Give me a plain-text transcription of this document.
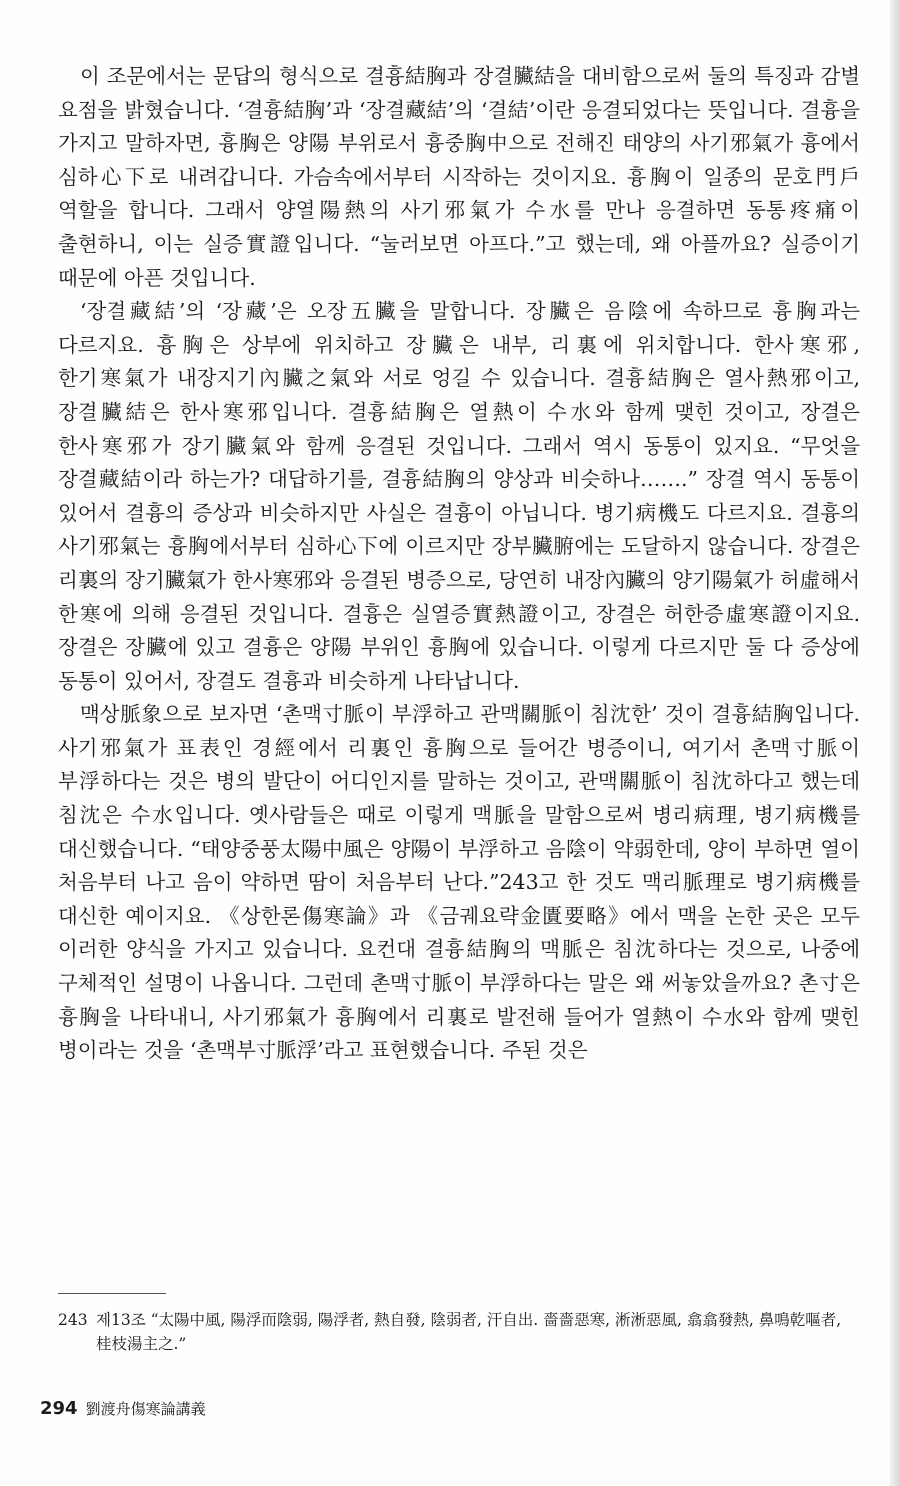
이 조문에서는 문답의 형식으로 결흉結胸과 장결臟結을 대비함으로써 둘의 특징과 감별 요점을 밝혔습니다. ‘결흉結胸’과 ‘장결藏結’의 ‘결結’이란 응결되었다는 뜻입니다. 결흉을 가지고 말하자면, 흉胸은 양陽 부위로서 흉중胸中으로 전해진 태양의 사기邪氣가 흉에서 심하心下로 내려갑니다. 가슴속에서부터 시작하는 것이지요. 흉胸이 일종의 문호門戶 역할을 합니다. 그래서 양열陽熱의 사기邪氣가 수水를 만나 응결하면 동통疼痛이 출현하니, 이는 실증實證입니다. “눌러보면 아프다.”고 했는데, 왜 아플까요? 실증이기 때문에 아픈 것입니다.

‘장결藏結’의 ‘장藏’은 오장五臟을 말합니다. 장臟은 음陰에 속하므로 흉胸과는 다르지요. 흉胸은 상부에 위치하고 장臟은 내부, 리裏에 위치합니다. 한사寒邪, 한기寒氣가 내장지기內臟之氣와 서로 엉길 수 있습니다. 결흉結胸은 열사熱邪이고, 장결臟結은 한사寒邪입니다. 결흉結胸은 열熱이 수水와 함께 맺힌 것이고, 장결은 한사寒邪가 장기臟氣와 함께 응결된 것입니다. 그래서 역시 동통이 있지요. “무엇을 장결藏結이라 하는가? 대답하기를, 결흉結胸의 양상과 비슷하나…….” 장결 역시 동통이 있어서 결흉의 증상과 비슷하지만 사실은 결흉이 아닙니다. 병기病機도 다르지요. 결흉의 사기邪氣는 흉胸에서부터 심하心下에 이르지만 장부臟腑에는 도달하지 않습니다. 장결은 리裏의 장기臟氣가 한사寒邪와 응결된 병증으로, 당연히 내장內臟의 양기陽氣가 허虛해서 한寒에 의해 응결된 것입니다. 결흉은 실열증實熱證이고, 장결은 허한증虛寒證이지요. 장결은 장臟에 있고 결흉은 양陽 부위인 흉胸에 있습니다. 이렇게 다르지만 둘 다 증상에 동통이 있어서, 장결도 결흉과 비슷하게 나타납니다.

맥상脈象으로 보자면 ‘촌맥寸脈이 부浮하고 관맥關脈이 침沈한’ 것이 결흉結胸입니다. 사기邪氣가 표表인 경經에서 리裏인 흉胸으로 들어간 병증이니, 여기서 촌맥寸脈이 부浮하다는 것은 병의 발단이 어디인지를 말하는 것이고, 관맥關脈이 침沈하다고 했는데 침沈은 수水입니다. 옛사람들은 때로 이렇게 맥脈을 말함으로써 병리病理, 병기病機를 대신했습니다. “태양중풍太陽中風은 양陽이 부浮하고 음陰이 약弱한데, 양이 부하면 열이 처음부터 나고 음이 약하면 땀이 처음부터 난다.”243고 한 것도 맥리脈理로 병기病機를 대신한 예이지요. 《상한론傷寒論》과 《금궤요략金匱要略》에서 맥을 논한 곳은 모두 이러한 양식을 가지고 있습니다. 요컨대 결흉結胸의 맥脈은 침沈하다는 것으로, 나중에 구체적인 설명이 나옵니다. 그런데 촌맥寸脈이 부浮하다는 말은 왜 써놓았을까요? 촌寸은 흉胸을 나타내니, 사기邪氣가 흉胸에서 리裏로 발전해 들어가 열熱이 수水와 함께 맺힌 병이라는 것을 ‘촌맥부寸脈浮’라고 표현했습니다. 주된 것은

243 제13조 “太陽中風, 陽浮而陰弱, 陽浮者, 熱自發, 陰弱者, 汗自出. 嗇嗇惡寒, 淅淅惡風, 翕翕發熱, 鼻鳴乾嘔者, 桂枝湯主之.”
294 劉渡舟傷寒論講義
